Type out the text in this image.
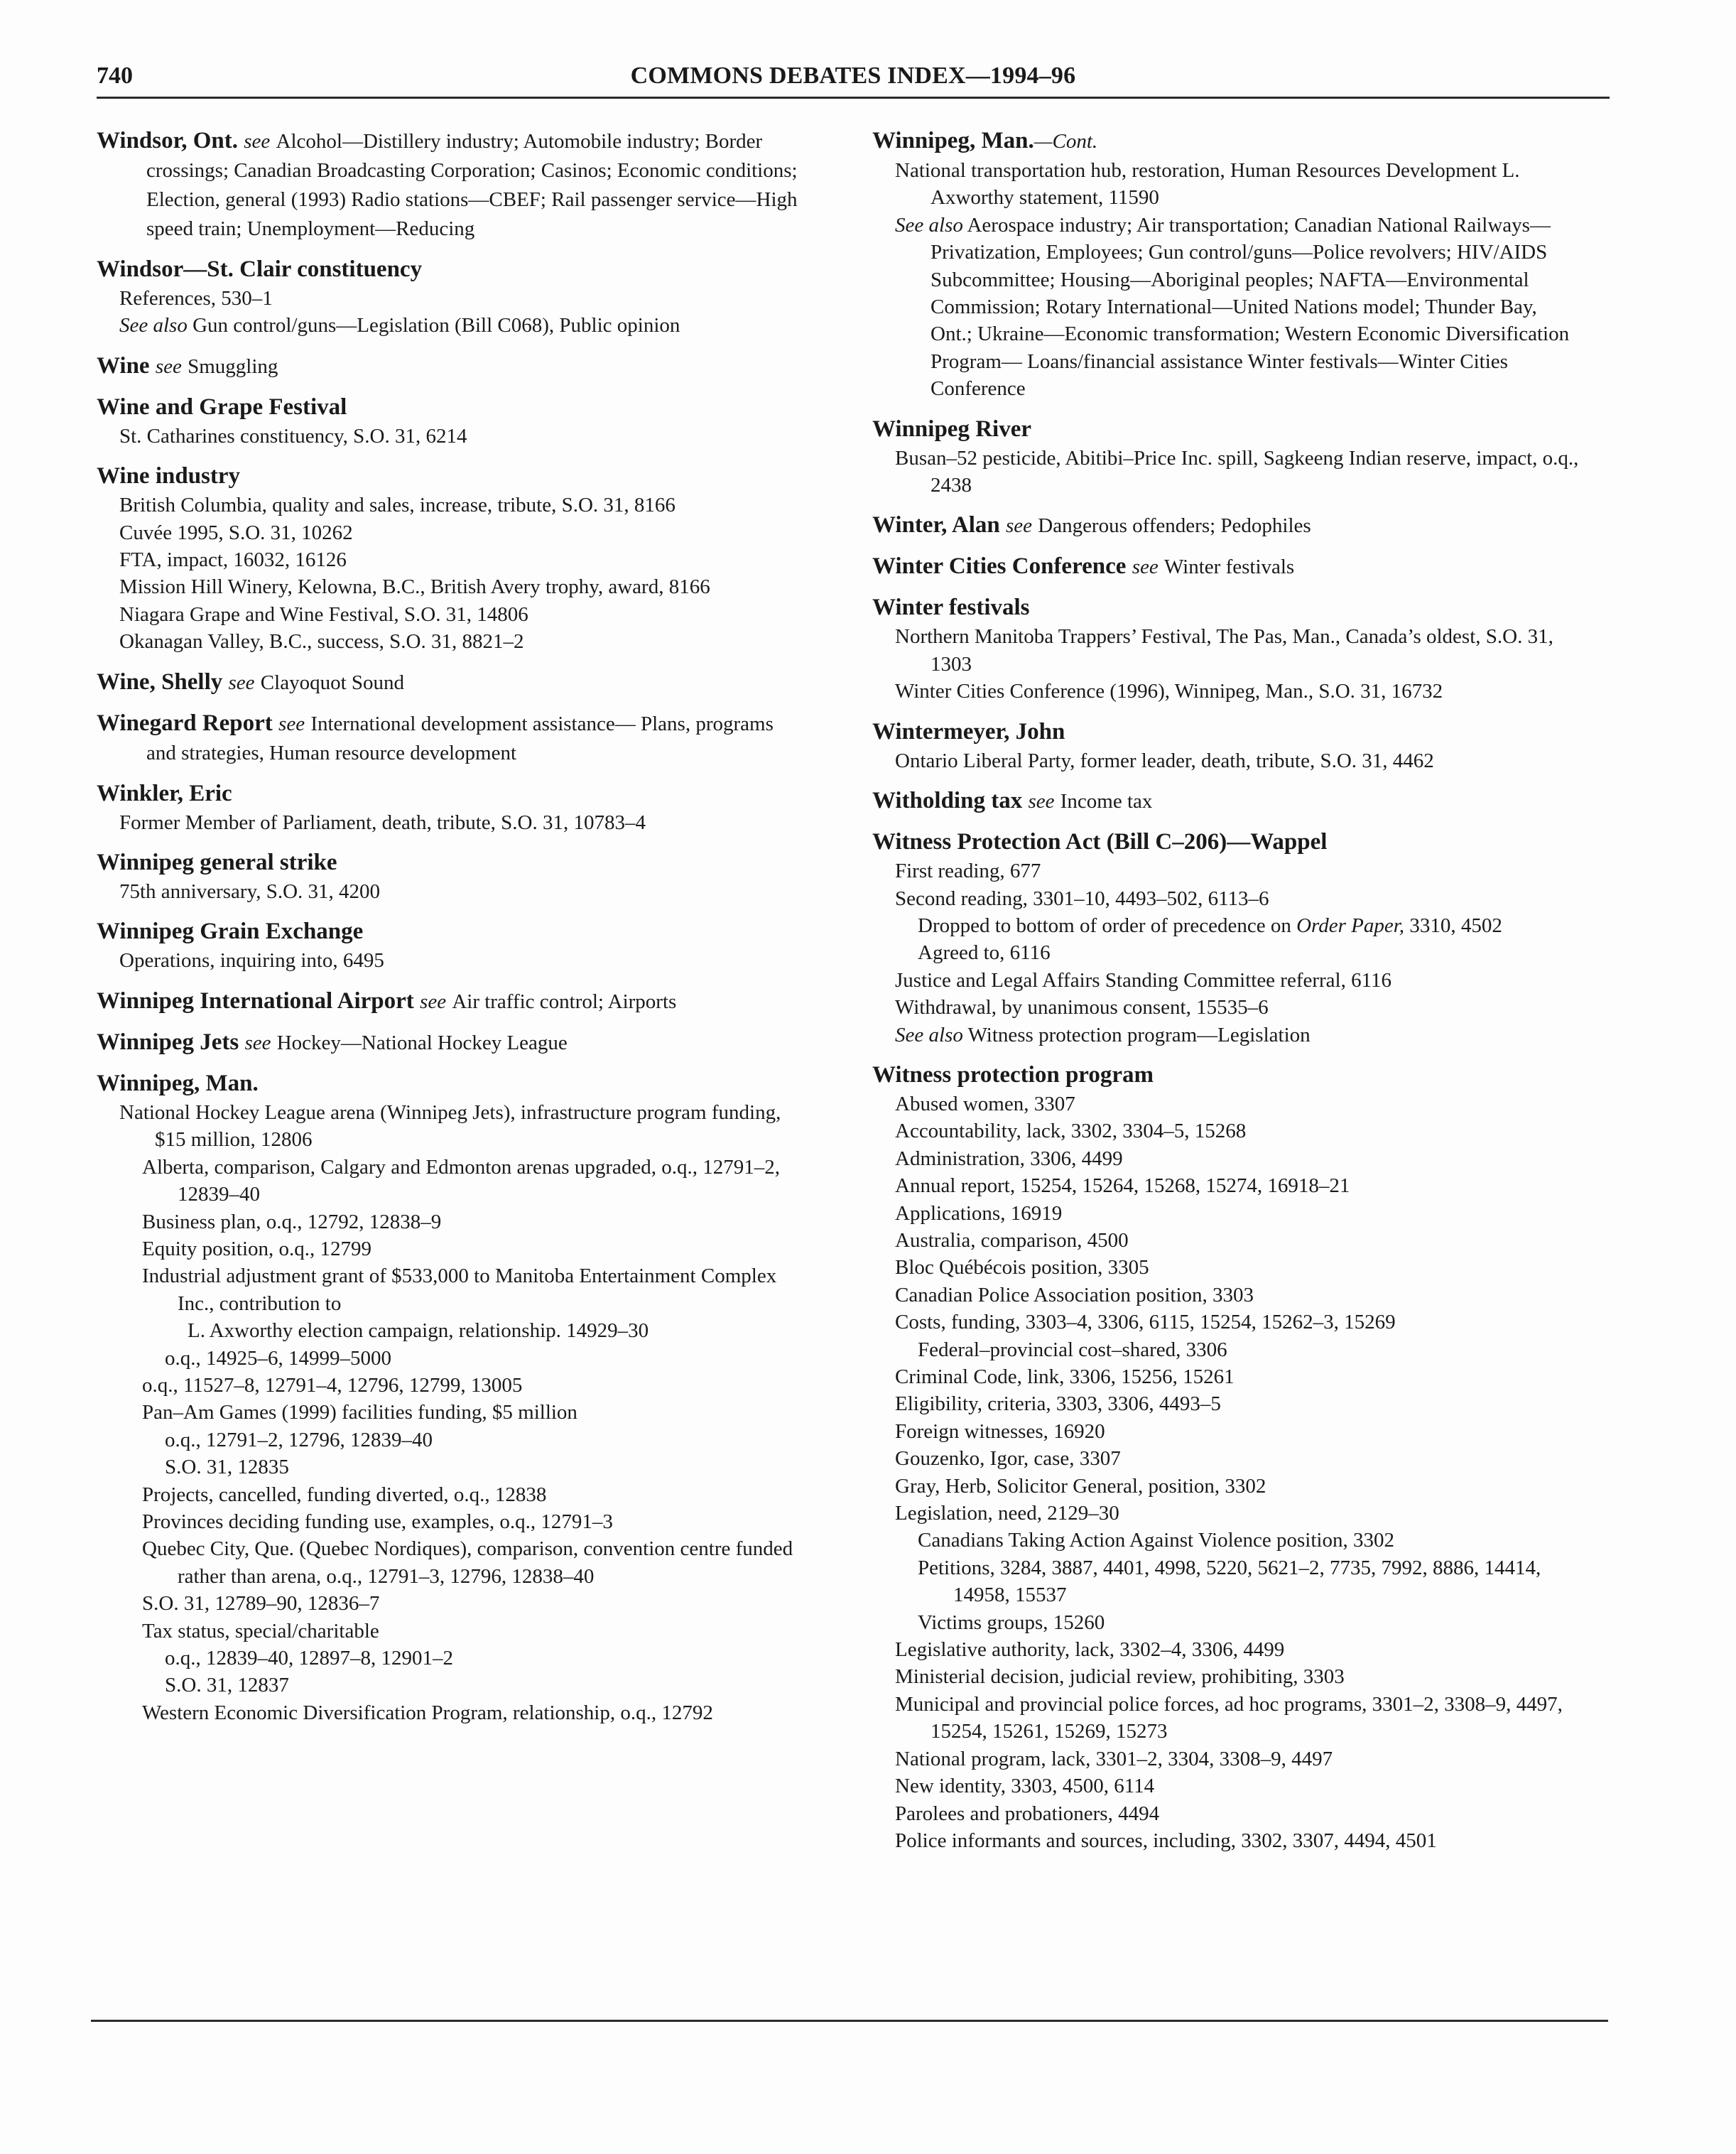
740	COMMONS DEBATES INDEX—1994–96
Windsor, Ont. see Alcohol—Distillery industry; Automobile industry; Border crossings; Canadian Broadcasting Corporation; Casinos; Economic conditions; Election, general (1993) Radio stations—CBEF; Rail passenger service—High speed train; Unemployment—Reducing
Windsor—St. Clair constituency
References, 530–1
See also Gun control/guns—Legislation (Bill C068), Public opinion
Wine see Smuggling
Wine and Grape Festival
St. Catharines constituency, S.O. 31, 6214
Wine industry
British Columbia, quality and sales, increase, tribute, S.O. 31, 8166
Cuvée 1995, S.O. 31, 10262
FTA, impact, 16032, 16126
Mission Hill Winery, Kelowna, B.C., British Avery trophy, award, 8166
Niagara Grape and Wine Festival, S.O. 31, 14806
Okanagan Valley, B.C., success, S.O. 31, 8821–2
Wine, Shelly see Clayoquot Sound
Winegard Report see International development assistance— Plans, programs and strategies, Human resource development
Winkler, Eric
Former Member of Parliament, death, tribute, S.O. 31, 10783–4
Winnipeg general strike
75th anniversary, S.O. 31, 4200
Winnipeg Grain Exchange
Operations, inquiring into, 6495
Winnipeg International Airport see Air traffic control; Airports
Winnipeg Jets see Hockey—National Hockey League
Winnipeg, Man.
National Hockey League arena (Winnipeg Jets), infrastructure program funding, $15 million, 12806
Alberta, comparison, Calgary and Edmonton arenas upgraded, o.q., 12791–2, 12839–40
Business plan, o.q., 12792, 12838–9
Equity position, o.q., 12799
Industrial adjustment grant of $533,000 to Manitoba Entertainment Complex Inc., contribution to
L. Axworthy election campaign, relationship. 14929–30
o.q., 14925–6, 14999–5000
o.q., 11527–8, 12791–4, 12796, 12799, 13005
Pan–Am Games (1999) facilities funding, $5 million
o.q., 12791–2, 12796, 12839–40
S.O. 31, 12835
Projects, cancelled, funding diverted, o.q., 12838
Provinces deciding funding use, examples, o.q., 12791–3
Quebec City, Que. (Quebec Nordiques), comparison, convention centre funded rather than arena, o.q., 12791–3, 12796, 12838–40
S.O. 31, 12789–90, 12836–7
Tax status, special/charitable
o.q., 12839–40, 12897–8, 12901–2
S.O. 31, 12837
Western Economic Diversification Program, relationship, o.q., 12792
Winnipeg, Man.—Cont.
National transportation hub, restoration, Human Resources Development L. Axworthy statement, 11590
See also Aerospace industry; Air transportation; Canadian National Railways—Privatization, Employees; Gun control/guns—Police revolvers; HIV/AIDS Subcommittee; Housing—Aboriginal peoples; NAFTA—Environmental Commission; Rotary International—United Nations model; Thunder Bay, Ont.; Ukraine—Economic transformation; Western Economic Diversification Program— Loans/financial assistance Winter festivals—Winter Cities Conference
Winnipeg River
Busan–52 pesticide, Abitibi–Price Inc. spill, Sagkeeng Indian reserve, impact, o.q., 2438
Winter, Alan see Dangerous offenders; Pedophiles
Winter Cities Conference see Winter festivals
Winter festivals
Northern Manitoba Trappers’ Festival, The Pas, Man., Canada’s oldest, S.O. 31, 1303
Winter Cities Conference (1996), Winnipeg, Man., S.O. 31, 16732
Wintermeyer, John
Ontario Liberal Party, former leader, death, tribute, S.O. 31, 4462
Witholding tax see Income tax
Witness Protection Act (Bill C–206)—Wappel
First reading, 677
Second reading, 3301–10, 4493–502, 6113–6
Dropped to bottom of order of precedence on Order Paper, 3310, 4502
Agreed to, 6116
Justice and Legal Affairs Standing Committee referral, 6116
Withdrawal, by unanimous consent, 15535–6
See also Witness protection program—Legislation
Witness protection program
Abused women, 3307
Accountability, lack, 3302, 3304–5, 15268
Administration, 3306, 4499
Annual report, 15254, 15264, 15268, 15274, 16918–21
Applications, 16919
Australia, comparison, 4500
Bloc Québécois position, 3305
Canadian Police Association position, 3303
Costs, funding, 3303–4, 3306, 6115, 15254, 15262–3, 15269
Federal–provincial cost–shared, 3306
Criminal Code, link, 3306, 15256, 15261
Eligibility, criteria, 3303, 3306, 4493–5
Foreign witnesses, 16920
Gouzenko, Igor, case, 3307
Gray, Herb, Solicitor General, position, 3302
Legislation, need, 2129–30
Canadians Taking Action Against Violence position, 3302
Petitions, 3284, 3887, 4401, 4998, 5220, 5621–2, 7735, 7992, 8886, 14414, 14958, 15537
Victims groups, 15260
Legislative authority, lack, 3302–4, 3306, 4499
Ministerial decision, judicial review, prohibiting, 3303
Municipal and provincial police forces, ad hoc programs, 3301–2, 3308–9, 4497, 15254, 15261, 15269, 15273
National program, lack, 3301–2, 3304, 3308–9, 4497
New identity, 3303, 4500, 6114
Parolees and probationers, 4494
Police informants and sources, including, 3302, 3307, 4494, 4501
